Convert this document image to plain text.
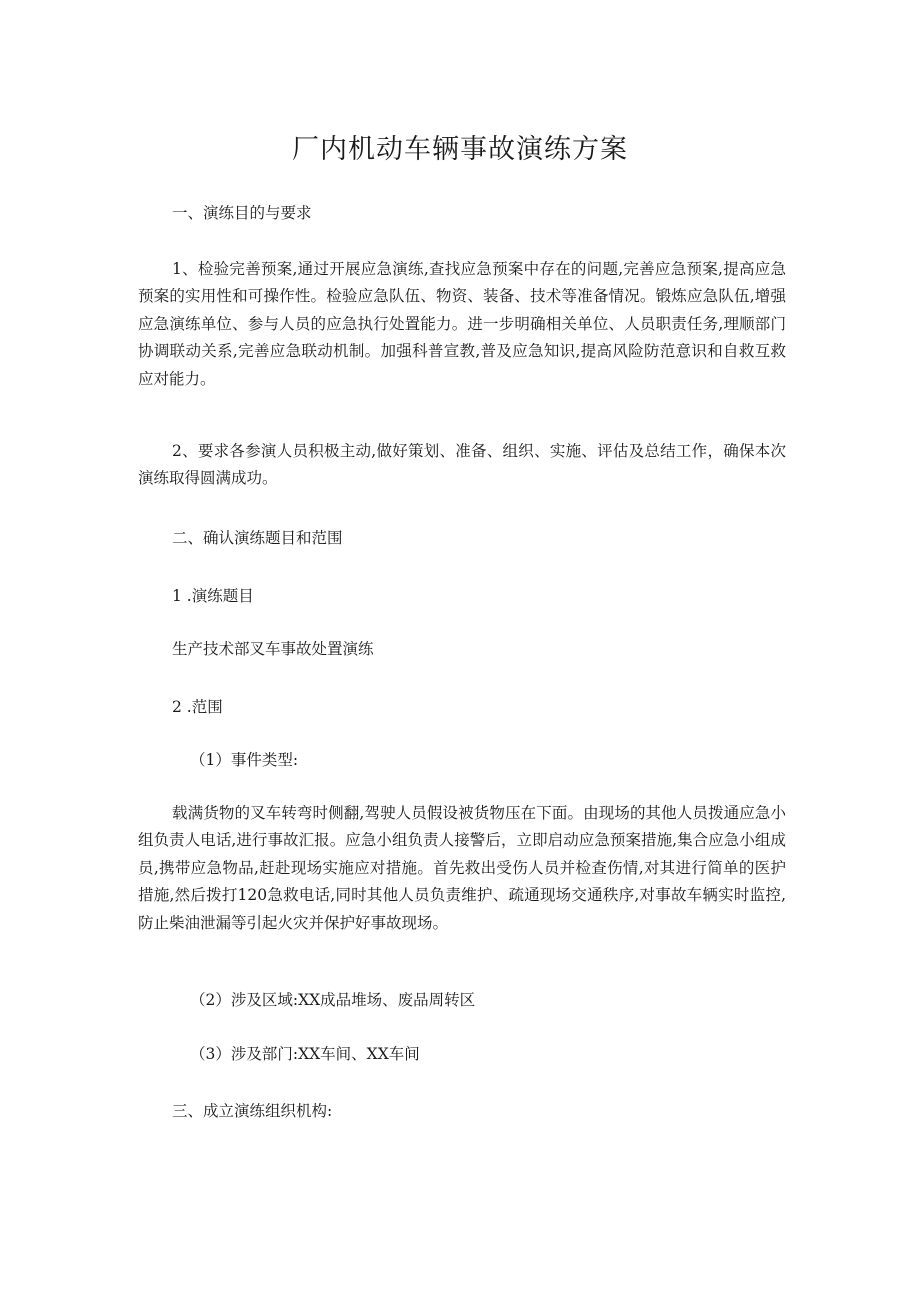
厂内机动车辆事故演练方案

一、演练目的与要求

1、检验完善预案,通过开展应急演练,查找应急预案中存在的问题,完善应急预案,提高应急预案的实用性和可操作性。检验应急队伍、物资、装备、技术等准备情况。锻炼应急队伍,增强应急演练单位、参与人员的应急执行处置能力。进一步明确相关单位、人员职责任务,理顺部门协调联动关系,完善应急联动机制。加强科普宣教,普及应急知识,提高风险防范意识和自救互救应对能力。

2、要求各参演人员积极主动,做好策划、准备、组织、实施、评估及总结工作，确保本次演练取得圆满成功。

二、确认演练题目和范围

1 .演练题目

生产技术部叉车事故处置演练

2 .范围

（1）事件类型:

载满货物的叉车转弯时侧翻,驾驶人员假设被货物压在下面。由现场的其他人员拨通应急小组负责人电话,进行事故汇报。应急小组负责人接警后，立即启动应急预案措施,集合应急小组成员,携带应急物品,赶赴现场实施应对措施。首先救出受伤人员并检查伤情,对其进行简单的医护措施,然后拨打120急救电话,同时其他人员负责维护、疏通现场交通秩序,对事故车辆实时监控,防止柴油泄漏等引起火灾并保护好事故现场。

（2）涉及区域:XX成品堆场、废品周转区

（3）涉及部门:XX车间、XX车间

三、成立演练组织机构:
